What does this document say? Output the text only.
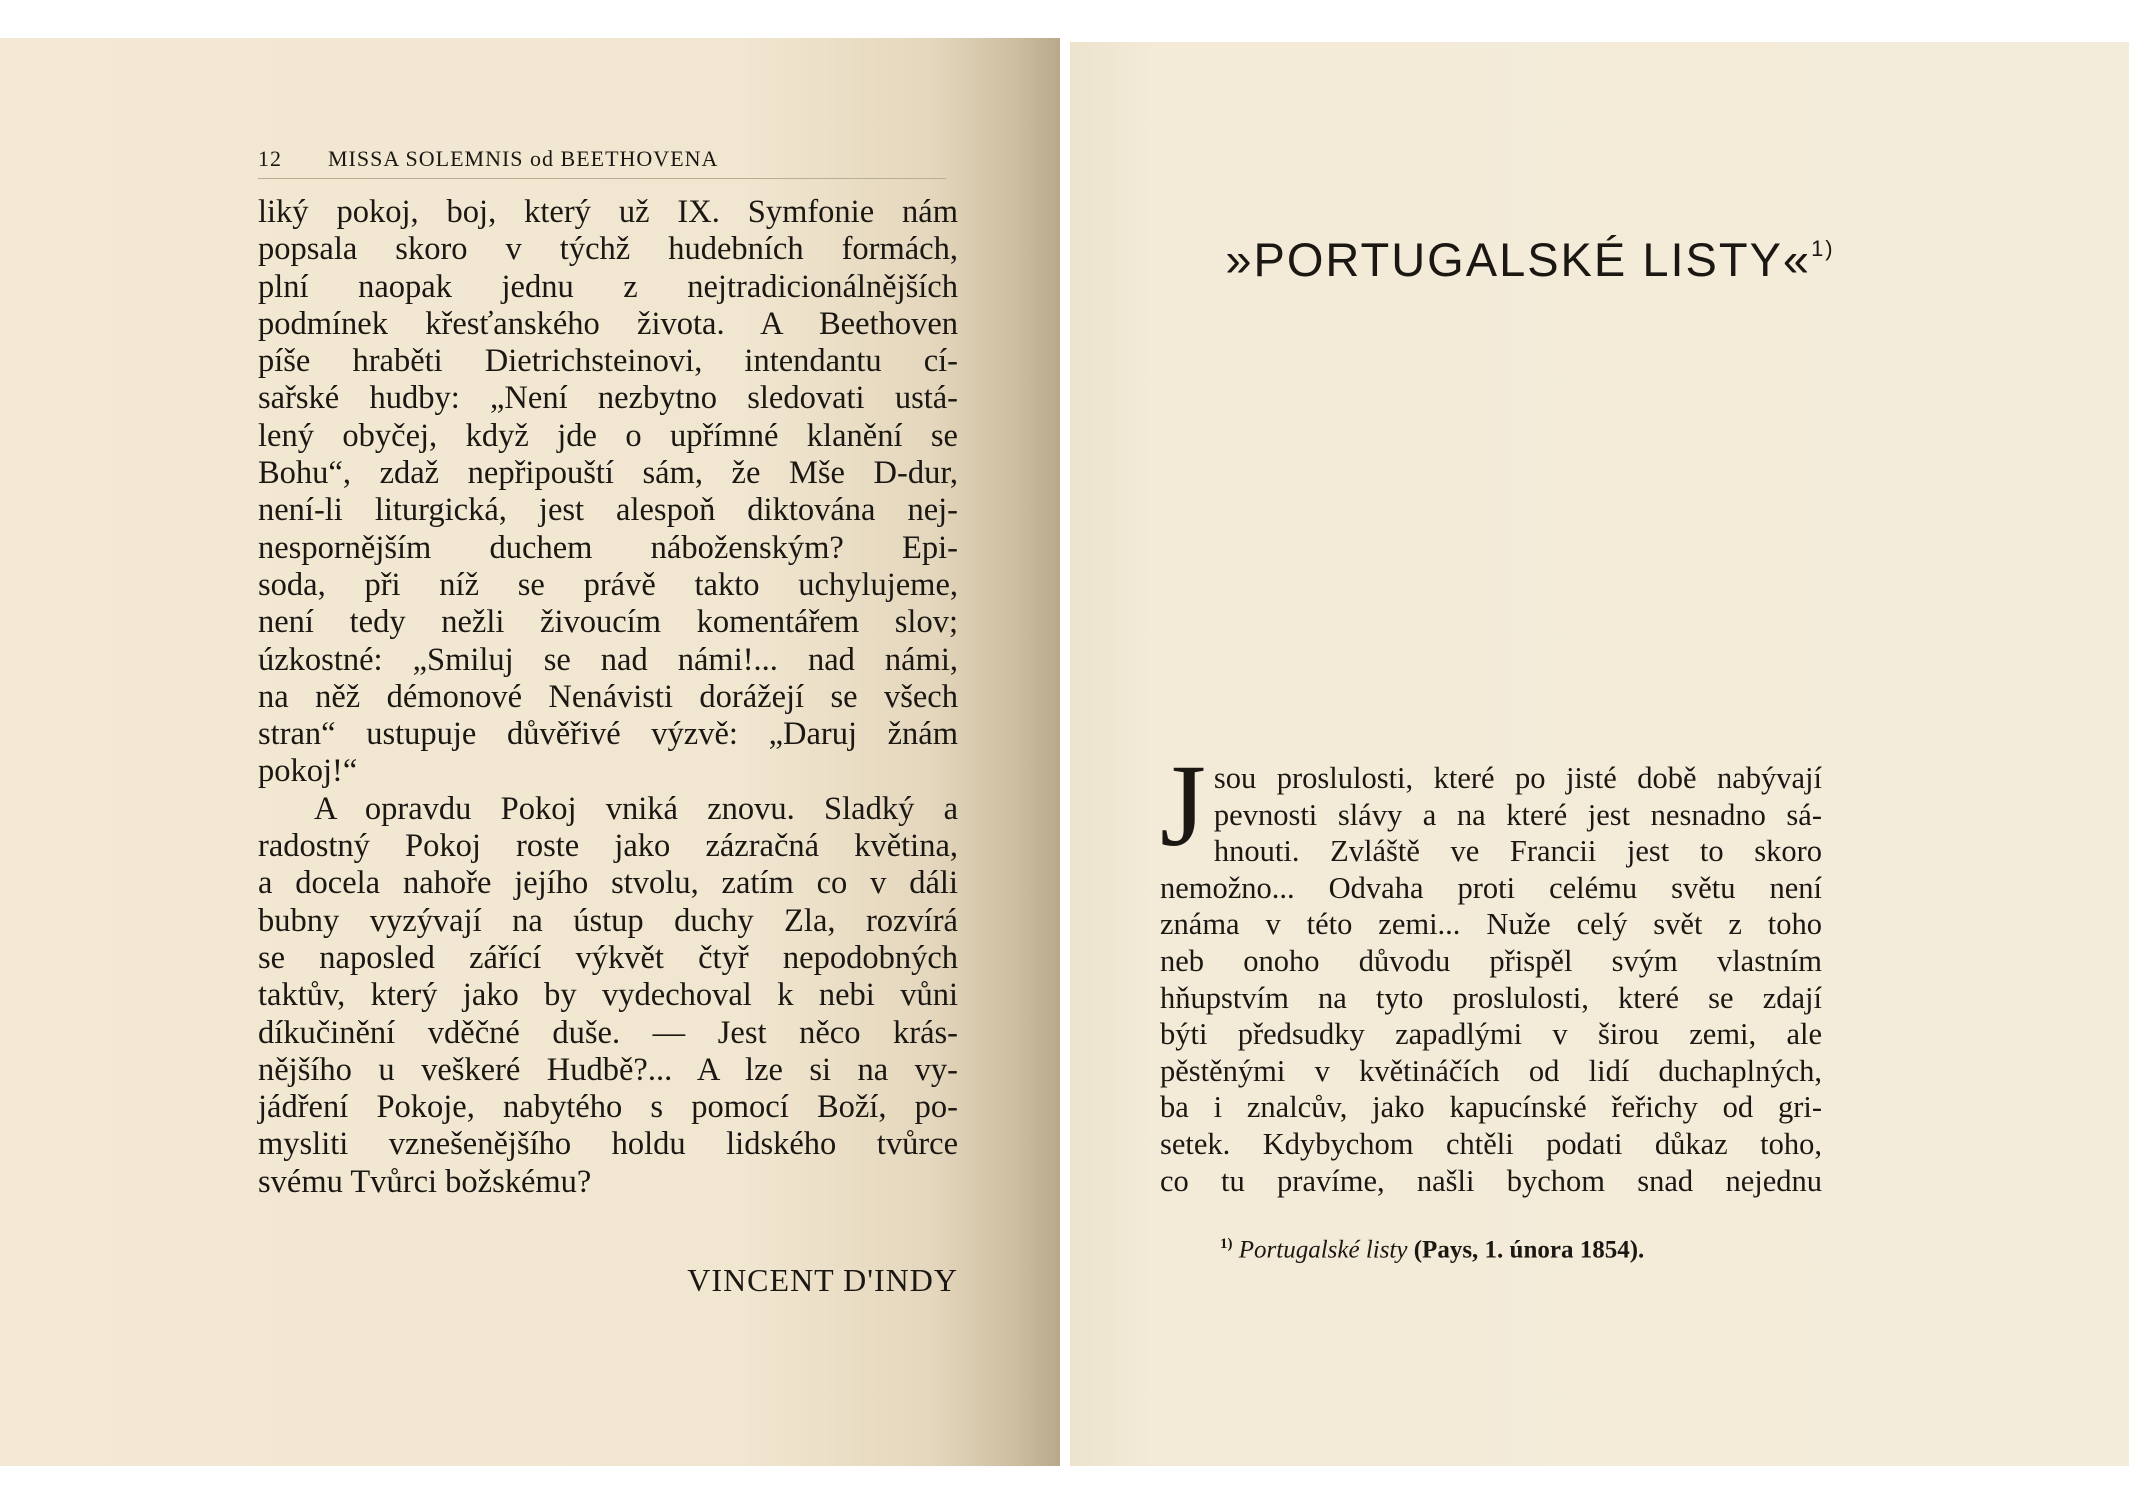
12	MISSA SOLEMNIS od BEETHOVENA
liký pokoj, boj, který už IX. Symfonie nám
popsala skoro v týchž hudebních formách,
plní naopak jednu z nejtradicionálnějších
podmínek křesťanského života. A Beethoven
píše hraběti Dietrichsteinovi, intendantu cí-
sařské hudby: „Není nezbytno sledovati ustá-
lený obyčej, když jde o upřímné klanění se
Bohu“, zdaž nepřipouští sám, že Mše D-dur,
není-li liturgická, jest alespoň diktována nej-
nespornějším duchem náboženským? Epi-
soda, při níž se právě takto uchylujeme,
není tedy nežli živoucím komentářem slov;
úzkostné: „Smiluj se nad námi!... nad námi,
na něž démonové Nenávisti dorážejí se všech
stran“ ustupuje důvěřivé výzvě: „Daruj žnám
pokoj!“
A opravdu Pokoj vniká znovu. Sladký a
radostný Pokoj roste jako zázračná květina,
a docela nahoře jejího stvolu, zatím co v dáli
bubny vyzývají na ústup duchy Zla, rozvírá
se naposled zářící výkvět čtyř nepodobných
taktův, který jako by vydechoval k nebi vůni
díkučinění vděčné duše. — Jest něco krás-
nějšího u veškeré Hudbě?... A lze si na vy-
jádření Pokoje, nabytého s pomocí Boží, po-
mysliti vznešenějšího holdu lidského tvůrce
svému Tvůrci božskému?
VINCENT D'INDY
»PORTUGALSKÉ LISTY«$^{1)}$
J sou proslulosti, které po jisté době nabývají
pevnosti slávy a na které jest nesnadno sá-
hnouti. Zvláště ve Francii jest to skoro
nemožno... Odvaha proti celému světu není
známa v této zemi... Nuže celý svět z toho
neb onoho důvodu přispěl svým vlastním
hňupstvím na tyto proslulosti, které se zdají
býti předsudky zapadlými v širou zemi, ale
pěstěnými v květináčích od lidí duchaplných,
ba i znalcův, jako kapucínské řeřichy od gri-
setek. Kdybychom chtěli podati důkaz toho,
co tu pravíme, našli bychom snad nejednu
$^{1)}$ Portugalské listy (Pays, 1. února 1854).
